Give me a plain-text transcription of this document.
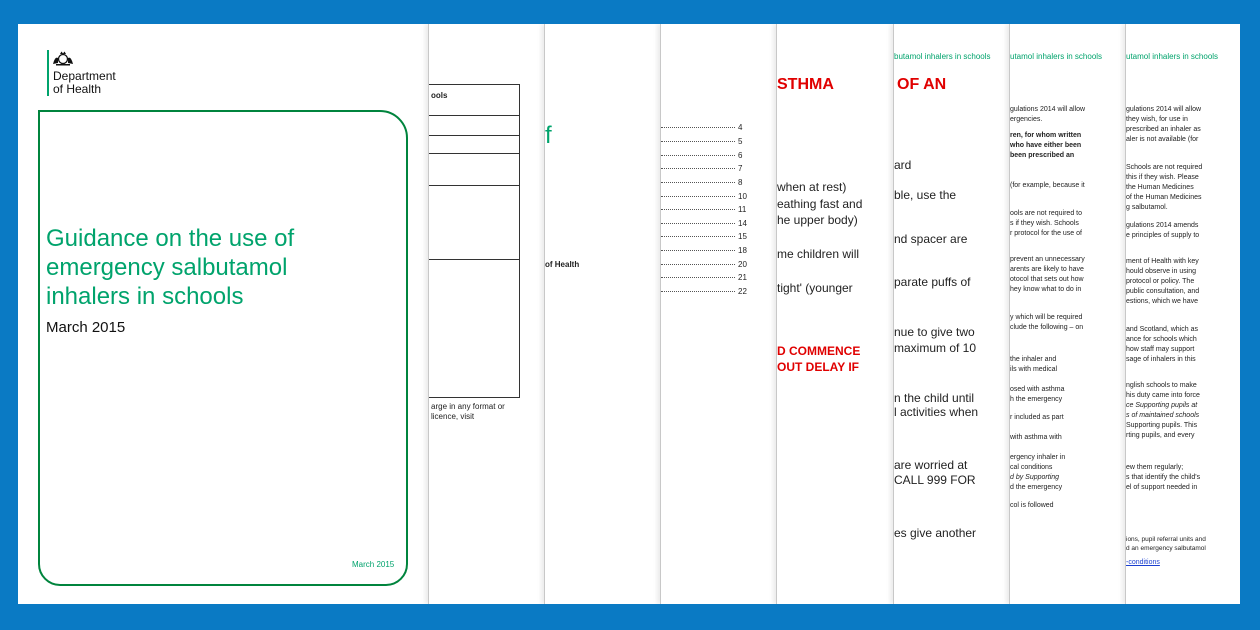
Department
of Health
Guidance on the use of
emergency salbutamol
inhalers in schools
March 2015
March 2015
ools
arge in any format or
licence, visit
f
of Health
4
5
6
7
8
10
11
14
15
18
20
21
22
STHMA
when at rest)
eathing fast and
he upper body)
me children will
tight' (younger
D COMMENCE
OUT DELAY IF
butamol inhalers in schools
OF AN
ard
ble, use the
nd spacer are
parate puffs of
nue to give two
maximum of 10
n the child until
l activities when
are worried at
CALL 999 FOR
es give another
utamol inhalers in schools
gulations 2014 will allow
ergencies.
ren, for whom written
who have either been
been prescribed an
(for example, because it
ools are not required to
s if they wish. Schools
r protocol for the use of
prevent an unnecessary
arents are likely to have
otocol that sets out how
hey know what to do in
y which will be required
clude the following – on
the inhaler and
ils with medical
osed with asthma
h the emergency
r included as part
with asthma with
ergency inhaler in
cal conditions
d by Supporting
d the emergency
col is followed
utamol inhalers in schools
gulations 2014 will allow
they wish, for use in
prescribed an inhaler as
aler is not available (for
Schools are not required
this if they wish. Please
the Human Medicines
of the Human Medicines
g salbutamol.
gulations 2014 amends
e principles of supply to
ment of Health with key
hould observe in using
protocol or policy. The
public consultation, and
estions, which we have
and Scotland, which as
ance for schools which
how staff may support
sage of inhalers in this
nglish schools to make
his duty came into force
ce Supporting pupils at
s of maintained schools
Supporting pupils. This
rting pupils, and every
ew them regularly;
s that identify the child's
el of support needed in
ions, pupil referral units and
d an emergency salbutamol
-conditions
